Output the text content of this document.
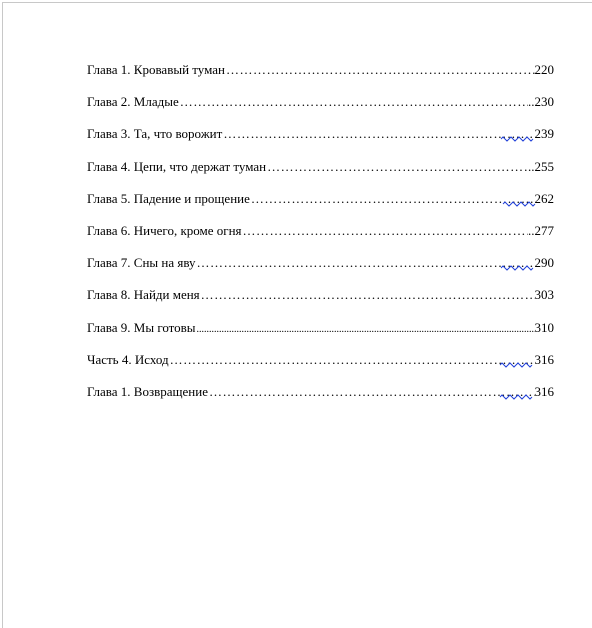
Глава 1. Кровавый туман …………………………………………………………………………………………………………………………………………	220
Глава 2. Младые …………………………………………………………………………………………………………………………………………	..230
Глава 3. Та, что ворожит …………………………………………………………………………………………………………………………………………	239
Глава 4. Цепи, что держат туман …………………………………………………………………………………………………………………………………………	..255
Глава 5. Падение и прощение …………………………………………………………………………………………………………………………………………	262
Глава 6. Ничего, кроме огня …………………………………………………………………………………………………………………………………………	..277
Глава 7. Сны на яву …………………………………………………………………………………………………………………………………………	290
Глава 8. Найди меня …………………………………………………………………………………………………………………………………………	303
Глава 9. Мы готовы .....	310
Часть 4. Исход …………………………………………………………………………………………………………………………………………	316
Глава 1. Возвращение …………………………………………………………………………………………………………………………………………	316
